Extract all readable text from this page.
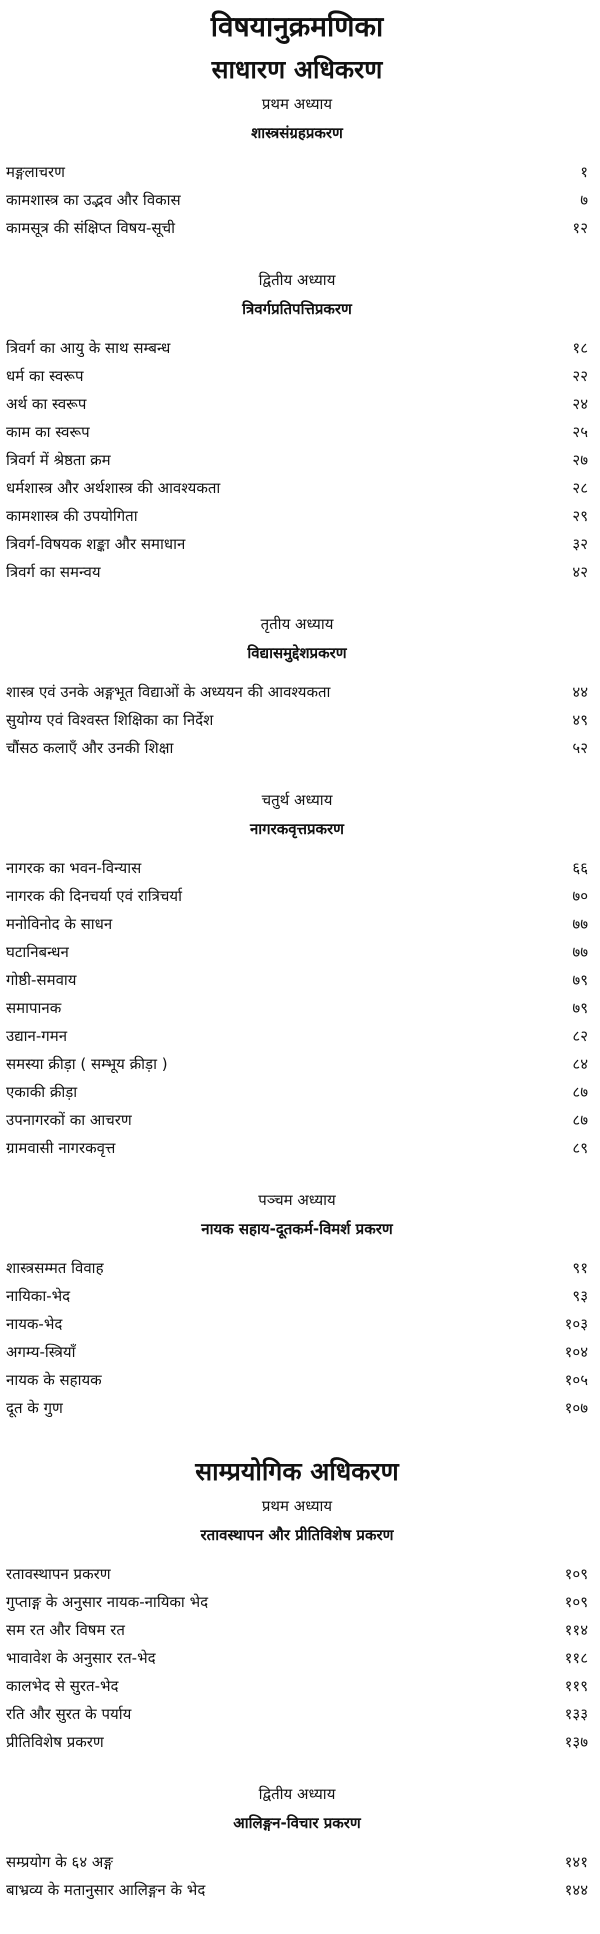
विषयानुक्रमणिका
साधारण अधिकरण
प्रथम अध्याय
शास्त्रसंग्रहप्रकरण
मङ्गलाचरण	१
कामशास्त्र का उद्भव और विकास	७
कामसूत्र की संक्षिप्त विषय-सूची	१२
द्वितीय अध्याय
त्रिवर्गप्रतिपत्तिप्रकरण
त्रिवर्ग का आयु के साथ सम्बन्ध	१८
धर्म का स्वरूप	२२
अर्थ का स्वरूप	२४
काम का स्वरूप	२५
त्रिवर्ग में श्रेष्ठता क्रम	२७
धर्मशास्त्र और अर्थशास्त्र की आवश्यकता	२८
कामशास्त्र की उपयोगिता	२९
त्रिवर्ग-विषयक शङ्का और समाधान	३२
त्रिवर्ग का समन्वय	४२
तृतीय अध्याय
विद्यासमुद्देशप्रकरण
शास्त्र एवं उनके अङ्गभूत विद्याओं के अध्ययन की आवश्यकता	४४
सुयोग्य एवं विश्वस्त शिक्षिका का निर्देश	४९
चौंसठ कलाएँ और उनकी शिक्षा	५२
चतुर्थ अध्याय
नागरकवृत्तप्रकरण
नागरक का भवन-विन्यास	६६
नागरक की दिनचर्या एवं रात्रिचर्या	७०
मनोविनोद के साधन	७७
घटानिबन्धन	७७
गोष्ठी-समवाय	७९
समापानक	७९
उद्यान-गमन	८२
समस्या क्रीड़ा ( सम्भूय क्रीड़ा )	८४
एकाकी क्रीड़ा	८७
उपनागरकों का आचरण	८७
ग्रामवासी नागरकवृत्त	८९
पञ्चम अध्याय
नायक सहाय-दूतकर्म-विमर्श प्रकरण
शास्त्रसम्मत विवाह	९१
नायिका-भेद	९३
नायक-भेद	१०३
अगम्य-स्त्रियाँ	१०४
नायक के सहायक	१०५
दूत के गुण	१०७
साम्प्रयोगिक अधिकरण
प्रथम अध्याय
रतावस्थापन और प्रीतिविशेष प्रकरण
रतावस्थापन प्रकरण	१०९
गुप्ताङ्ग के अनुसार नायक-नायिका भेद	१०९
सम रत और विषम रत	११४
भावावेश के अनुसार रत-भेद	११८
कालभेद से सुरत-भेद	११९
रति और सुरत के पर्याय	१३३
प्रीतिविशेष प्रकरण	१३७
द्वितीय अध्याय
आलिङ्गन-विचार प्रकरण
सम्प्रयोग के ६४ अङ्ग	१४१
बाभ्रव्य के मतानुसार आलिङ्गन के भेद	१४४
